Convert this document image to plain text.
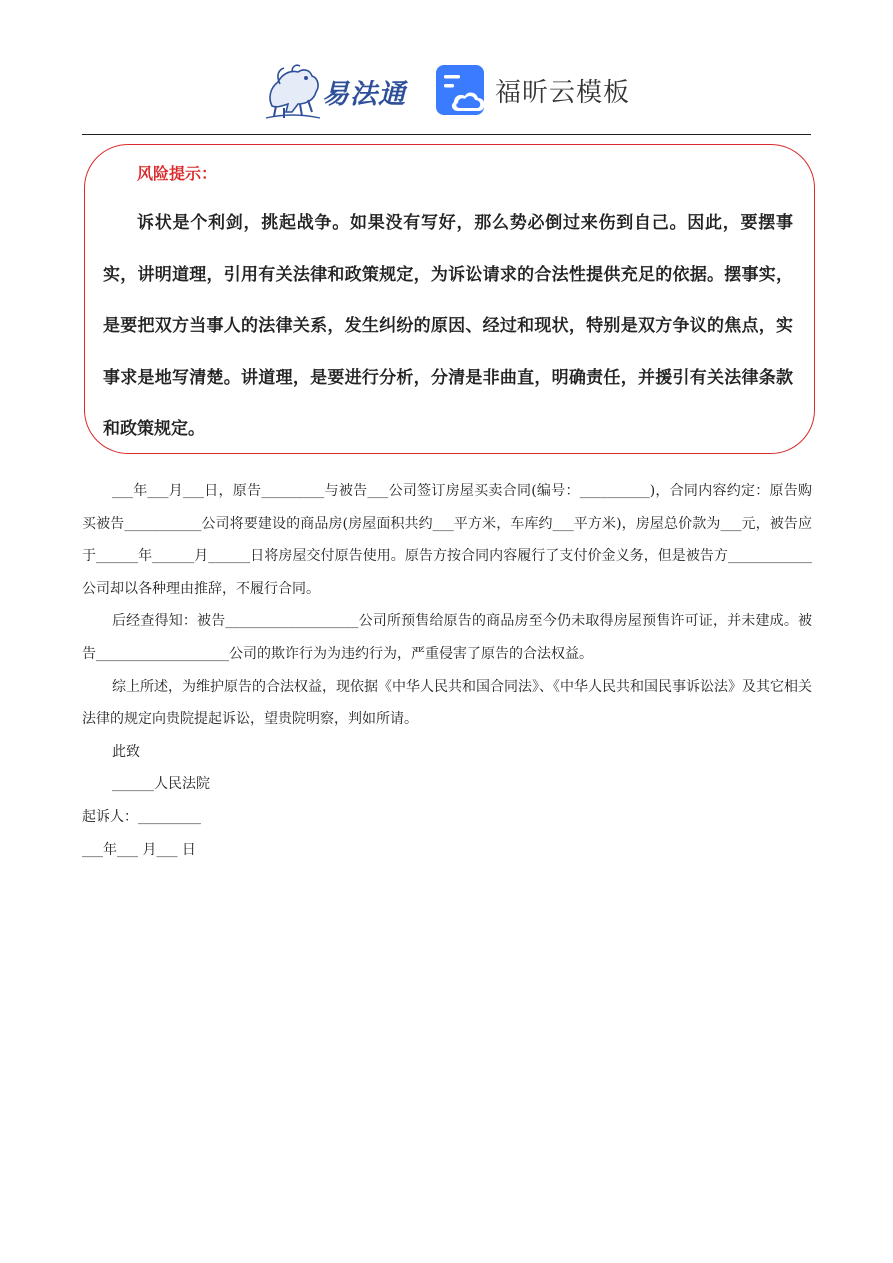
易法通	福昕云模板
风险提示：

诉状是个利剑，挑起战争。如果没有写好，那么势必倒过来伤到自己。因此，要摆事实，讲明道理，引用有关法律和政策规定，为诉讼请求的合法性提供充足的依据。摆事实，是要把双方当事人的法律关系，发生纠纷的原因、经过和现状，特别是双方争议的焦点，实事求是地写清楚。讲道理，是要进行分析，分清是非曲直，明确责任，并援引有关法律条款和政策规定。

___年___月___日，原告_________与被告___公司签订房屋买卖合同(编号：__________)，合同内容约定：原告购买被告___________公司将要建设的商品房(房屋面积共约___平方米，车库约___平方米)，房屋总价款为___元，被告应于______年______月______日将房屋交付原告使用。原告方按合同内容履行了支付价金义务，但是被告方____________公司却以各种理由推辞，不履行合同。

后经查得知：被告___________________公司所预售给原告的商品房至今仍未取得房屋预售许可证，并未建成。被告___________________公司的欺诈行为为违约行为，严重侵害了原告的合法权益。

综上所述，为维护原告的合法权益，现依据《中华人民共和国合同法》、《中华人民共和国民事诉讼法》及其它相关法律的规定向贵院提起诉讼，望贵院明察，判如所请。

此致

______人民法院

起诉人：_________

___年___ 月___ 日
